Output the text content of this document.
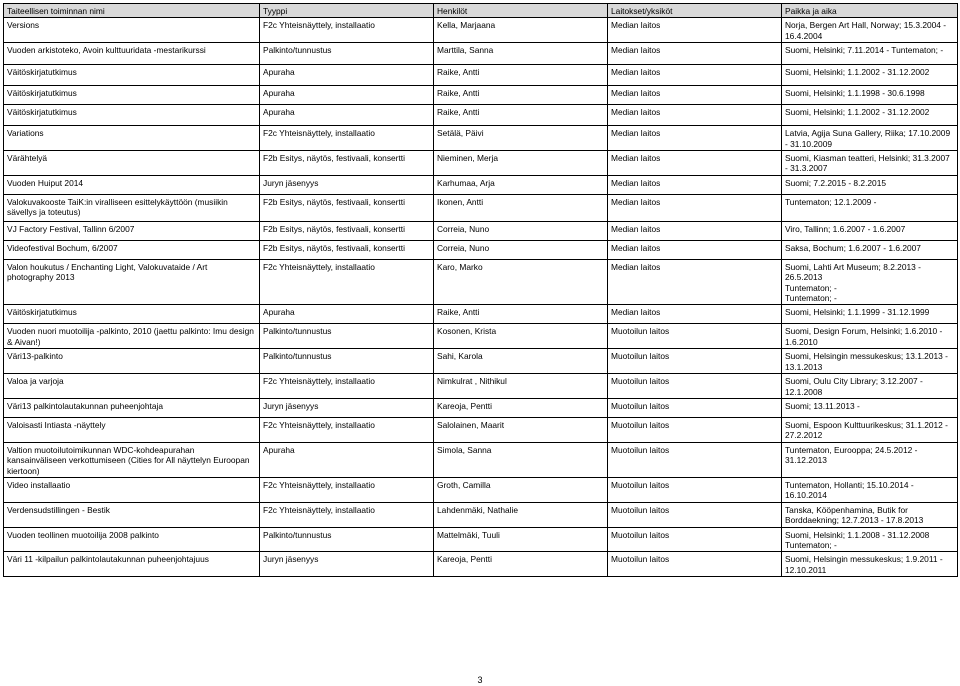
Taiteellisen toiminnan nimi	Tyyppi	Henkilöt	Laitokset/yksiköt	Paikka ja aika
Versions	F2c Yhteisnäyttely, installaatio	Kella, Marjaana	Median laitos	Norja, Bergen Art Hall, Norway; 15.3.2004 - 16.4.2004
Vuoden arkistoteko, Avoin kulttuuridata -mestarikurssi	Palkinto/tunnustus	Marttila, Sanna	Median laitos	Suomi, Helsinki; 7.11.2014 - Tuntematon; -
Väitöskirjatutkimus	Apuraha	Raike, Antti	Median laitos	Suomi, Helsinki; 1.1.2002 - 31.12.2002
Väitöskirjatutkimus	Apuraha	Raike, Antti	Median laitos	Suomi, Helsinki; 1.1.1998 - 30.6.1998
Väitöskirjatutkimus	Apuraha	Raike, Antti	Median laitos	Suomi, Helsinki; 1.1.2002 - 31.12.2002
Variations	F2c Yhteisnäyttely, installaatio	Setälä, Päivi	Median laitos	Latvia, Agija Suna Gallery, Riika; 17.10.2009 - 31.10.2009
Värähtelyä	F2b Esitys, näytös, festivaali, konsertti	Nieminen, Merja	Median laitos	Suomi, Kiasman teatteri, Helsinki; 31.3.2007 - 31.3.2007
Vuoden Huiput 2014	Juryn jäsenyys	Karhumaa, Arja	Median laitos	Suomi; 7.2.2015 - 8.2.2015
Valokuvakooste TaiK:in viralliseen esittelykäyttöön (musiikin sävellys ja toteutus)	F2b Esitys, näytös, festivaali, konsertti	Ikonen, Antti	Median laitos	Tuntematon; 12.1.2009 -
VJ Factory Festival, Tallinn 6/2007	F2b Esitys, näytös, festivaali, konsertti	Correia, Nuno	Median laitos	Viro, Tallinn; 1.6.2007 - 1.6.2007
Videofestival Bochum, 6/2007	F2b Esitys, näytös, festivaali, konsertti	Correia, Nuno	Median laitos	Saksa, Bochum; 1.6.2007 - 1.6.2007
Valon houkutus / Enchanting Light, Valokuvataide / Art photography 2013	F2c Yhteisnäyttely, installaatio	Karo, Marko	Median laitos	Suomi, Lahti Art Museum; 8.2.2013 - 26.5.2013
Tuntematon; -
Tuntematon; -
Väitöskirjatutkimus	Apuraha	Raike, Antti	Median laitos	Suomi, Helsinki; 1.1.1999 - 31.12.1999
Vuoden nuori muotoilija -palkinto, 2010 (jaettu palkinto: Imu design & Aivan!)	Palkinto/tunnustus	Kosonen, Krista	Muotoilun laitos	Suomi, Design Forum, Helsinki; 1.6.2010 - 1.6.2010
Väri13-palkinto	Palkinto/tunnustus	Sahi, Karola	Muotoilun laitos	Suomi, Helsingin messukeskus; 13.1.2013 - 13.1.2013
Valoa ja varjoja	F2c Yhteisnäyttely, installaatio	Nimkulrat , Nithikul	Muotoilun laitos	Suomi, Oulu City Library; 3.12.2007 - 12.1.2008
Väri13 palkintolautakunnan puheenjohtaja	Juryn jäsenyys	Kareoja, Pentti	Muotoilun laitos	Suomi; 13.11.2013 -
Valoisasti Intiasta -näyttely	F2c Yhteisnäyttely, installaatio	Salolainen, Maarit	Muotoilun laitos	Suomi, Espoon Kulttuurikeskus; 31.1.2012 - 27.2.2012
Valtion muotoilutoimikunnan WDC-kohdeapurahan kansainväliseen verkottumiseen (Cities for All näyttelyn Euroopan kiertoon)	Apuraha	Simola, Sanna	Muotoilun laitos	Tuntematon, Eurooppa; 24.5.2012 - 31.12.2013
Video installaatio	F2c Yhteisnäyttely, installaatio	Groth, Camilla	Muotoilun laitos	Tuntematon, Hollanti; 15.10.2014 - 16.10.2014
Verdensudstillingen - Bestik	F2c Yhteisnäyttely, installaatio	Lahdenmäki, Nathalie	Muotoilun laitos	Tanska, Kööpenhamina, Butik for Borddaekning; 12.7.2013 - 17.8.2013
Vuoden teollinen muotoilija 2008 palkinto	Palkinto/tunnustus	Mattelmäki, Tuuli	Muotoilun laitos	Suomi, Helsinki; 1.1.2008 - 31.12.2008
Tuntematon; -
Väri 11 -kilpailun palkintolautakunnan puheenjohtajuus	Juryn jäsenyys	Kareoja, Pentti	Muotoilun laitos	Suomi, Helsingin messukeskus; 1.9.2011 - 12.10.2011
3
